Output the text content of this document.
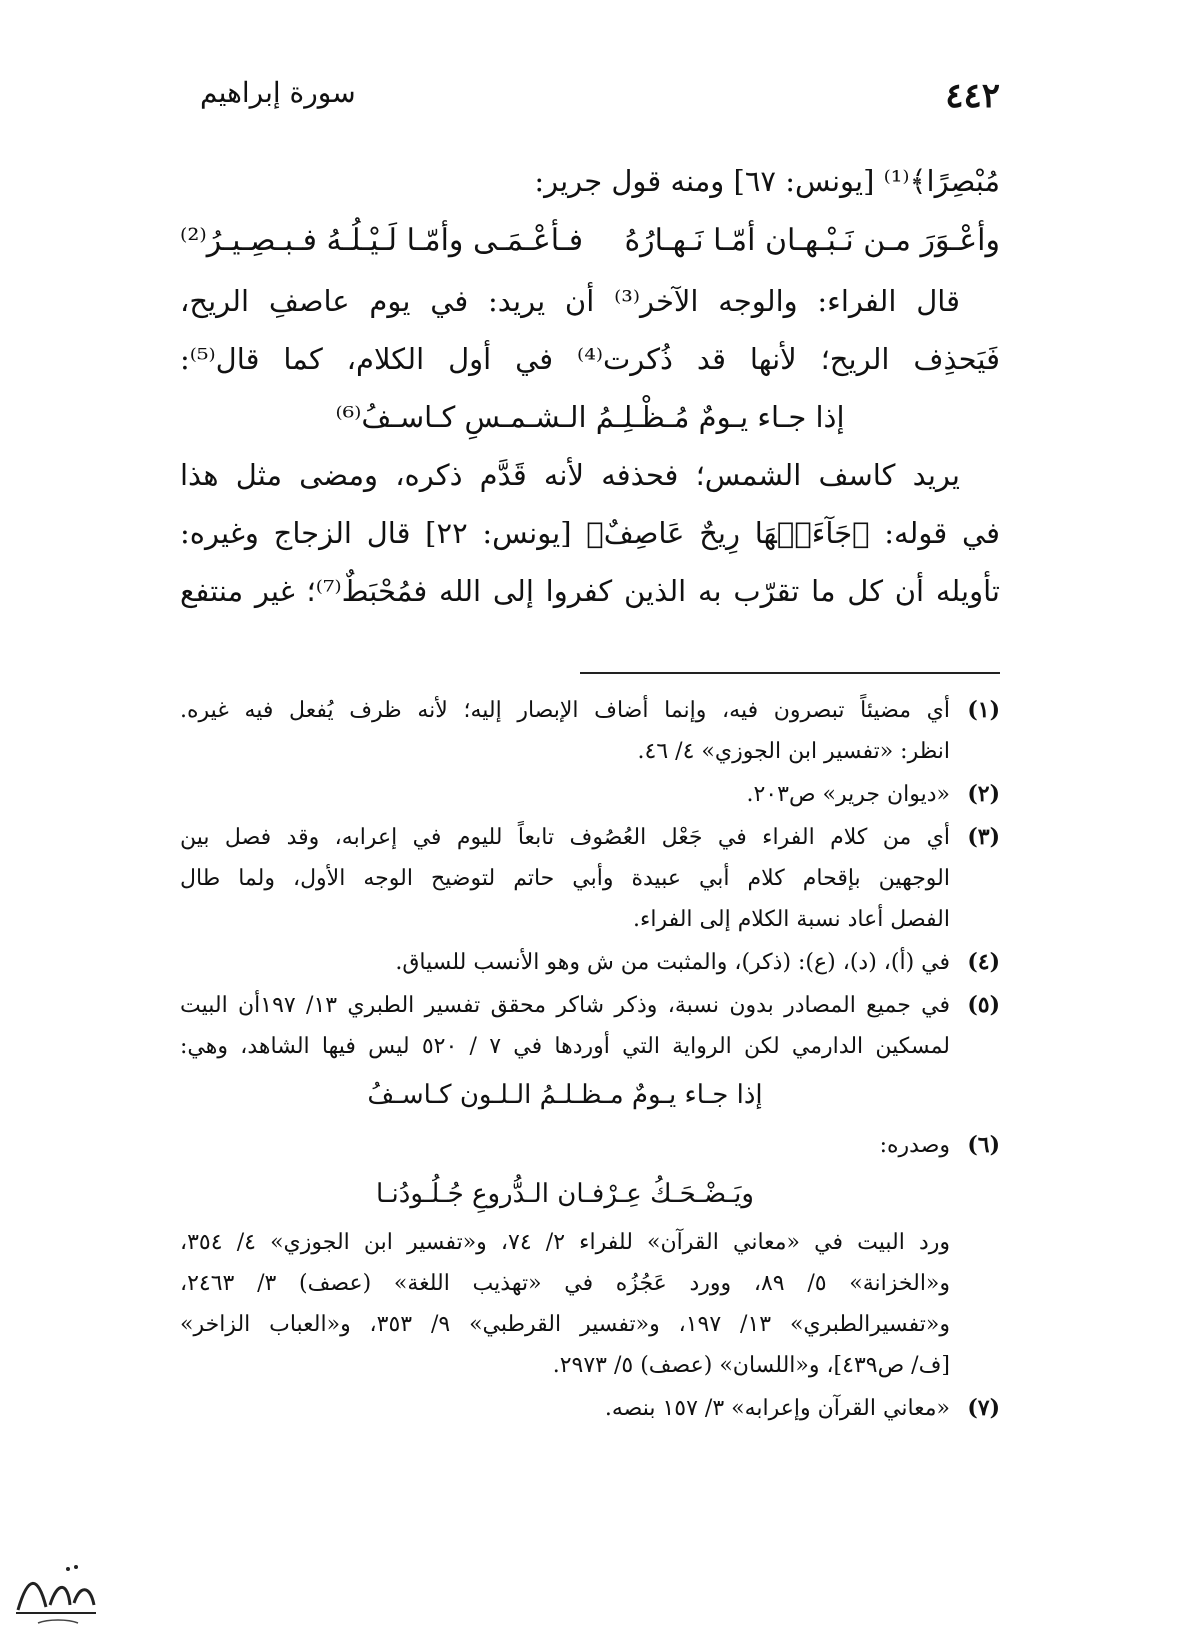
٤٤٢
سورة إبراهيم
مُبْصِرًا﴾⁽¹⁾ [يونس: ٦٧] ومنه قول جرير:
وأعْـوَرَ مـن نَـبْـهـان أمّـا نَـهـارُهُ
فـأعْـمَـى وأمّـا لَـيْـلُـهُ فـبـصِـيـرُ⁽²⁾
قال الفراء: والوجه الآخر⁽³⁾ أن يريد: في يوم عاصفِ الريح،
فَيَحذِف الريح؛ لأنها قد ذُكرت⁽⁴⁾ في أول الكلام، كما قال⁽⁵⁾:
إذا جـاء يـومٌ مُـظْـلِـمُ الـشـمـسِ كـاسـفُ⁽⁶⁾
يريد كاسف الشمس؛ فحذفه لأنه قَدَّم ذكره، ومضى مثل هذا
في قوله: ﴿جَآءَتۡهَا رِيحٌ عَاصِفٌ﴾ [يونس: ٢٢] قال الزجاج وغيره:
تأويله أن كل ما تقرّب به الذين كفروا إلى الله فمُحْبَطٌ⁽⁷⁾؛ غير منتفع
(١)
أي مضيئاً تبصرون فيه، وإنما أضاف الإبصار إليه؛ لأنه ظرف يُفعل فيه غيره.
انظر: «تفسير ابن الجوزي» ٤/ ٤٦.
(٢)
«ديوان جرير» ص٢٠٣.
(٣)
أي من كلام الفراء في جَعْل العُصُوف تابعاً لليوم في إعرابه، وقد فصل بين
الوجهين بإقحام كلام أبي عبيدة وأبي حاتم لتوضيح الوجه الأول، ولما طال
الفصل أعاد نسبة الكلام إلى الفراء.
(٤)
في (أ)، (د)، (ع): (ذكر)، والمثبت من ش وهو الأنسب للسياق.
(٥)
في جميع المصادر بدون نسبة، وذكر شاكر محقق تفسير الطبري ١٣/ ١٩٧أن البيت
لمسكين الدارمي لكن الرواية التي أوردها في ٧ / ٥٢٠ ليس فيها الشاهد، وهي:
إذا جـاء يـومٌ مـظـلـمُ الـلـون كـاسـفُ
(٦)
وصدره:
ويَـضْـحَـكُ عِـرْفـان الـدُّروعِ جُـلُـودُنـا
ورد البيت في «معاني القرآن» للفراء ٢/ ٧٤، و«تفسير ابن الجوزي» ٤/ ٣٥٤،
و«الخزانة» ٥/ ٨٩، وورد عَجُزُه في «تهذيب اللغة» (عصف) ٣/ ٢٤٦٣،
و«تفسيرالطبري» ١٣/ ١٩٧، و«تفسير القرطبي» ٩/ ٣٥٣، و«العباب الزاخر»
[ف/ ص٤٣٩]، و«اللسان» (عصف) ٥/ ٢٩٧٣.
(٧)
«معاني القرآن وإعرابه» ٣/ ١٥٧ بنصه.
